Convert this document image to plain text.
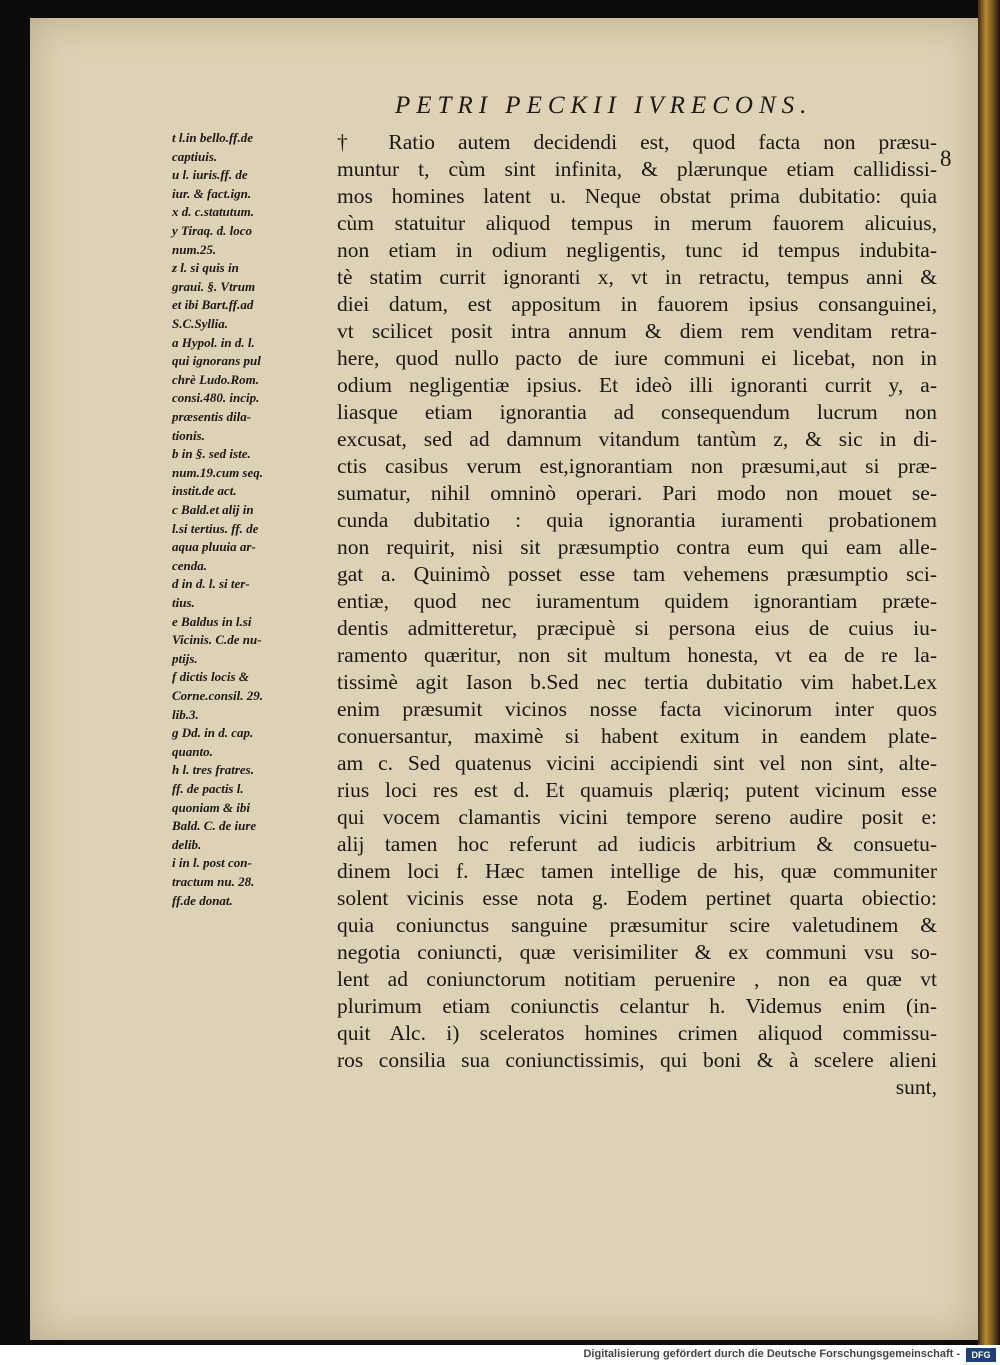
PETRI PECKII IVRECONS.
8
t l.in bello.ff.de
captiuis.
u l. iuris.ff. de
iur. & fact.ign.
x d. c.statutum.
y Tiraq. d. loco
num.25.
z l. si quis in
graui. §. Vtrum
et ibi Bart.ff.ad
S.C.Syllia.
a Hypol. in d. l.
qui ignorans pul
chrè Ludo.Rom.
consi.480. incip.
præsentis dila-
tionis.
b in §. sed iste.
num.19.cum seq.
instit.de act.
c Bald.et alij in
l.si tertius. ff. de
aqua pluuia ar-
cenda.
d in d. l. si ter-
tius.
e Baldus in l.si
Vicinis. C.de nu-
ptijs.
f dictis locis &
Corne.consil. 29.
lib.3.
g Dd. in d. cap.
quanto.
h l. tres fratres.
ff. de pactis l.
quoniam & ibi
Bald. C. de iure
delib.
i in l. post con-
tractum nu. 28.
ff.de donat.
† Ratio autem decidendi est, quod facta non præsu-
muntur t, cùm sint infinita, & plærunque etiam callidissi-
mos homines latent u. Neque obstat prima dubitatio: quia
cùm statuitur aliquod tempus in merum fauorem alicuius,
non etiam in odium negligentis, tunc id tempus indubita-
tè statim currit ignoranti x, vt in retractu, tempus anni &
diei datum, est appositum in fauorem ipsius consanguinei,
vt scilicet posit intra annum & diem rem venditam retra-
here, quod nullo pacto de iure communi ei licebat, non in
odium negligentiæ ipsius. Et ideò illi ignoranti currit y, a-
liasque etiam ignorantia ad consequendum lucrum non
excusat, sed ad damnum vitandum tantùm z, & sic in di-
ctis casibus verum est,ignorantiam non præsumi,aut si præ-
sumatur, nihil omninò operari. Pari modo non mouet se-
cunda dubitatio : quia ignorantia iuramenti probationem
non requirit, nisi sit præsumptio contra eum qui eam alle-
gat a. Quinimò posset esse tam vehemens præsumptio sci-
entiæ, quod nec iuramentum quidem ignorantiam præte-
dentis admitteretur, præcipuè si persona eius de cuius iu-
ramento quæritur, non sit multum honesta, vt ea de re la-
tissimè agit Iason b.Sed nec tertia dubitatio vim habet.Lex
enim præsumit vicinos nosse facta vicinorum inter quos
conuersantur, maximè si habent exitum in eandem plate-
am c. Sed quatenus vicini accipiendi sint vel non sint, alte-
rius loci res est d. Et quamuis plæriq; putent vicinum esse
qui vocem clamantis vicini tempore sereno audire posit e:
alij tamen hoc referunt ad iudicis arbitrium & consuetu-
dinem loci f. Hæc tamen intellige de his, quæ communiter
solent vicinis esse nota g. Eodem pertinet quarta obiectio:
quia coniunctus sanguine præsumitur scire valetudinem &
negotia coniuncti, quæ verisimiliter & ex communi vsu so-
lent ad coniunctorum notitiam peruenire , non ea quæ vt
plurimum etiam coniunctis celantur h. Videmus enim (in-
quit Alc. i) sceleratos homines crimen aliquod commissu-
ros consilia sua coniunctissimis, qui boni & à scelere alieni
sunt,
Digitalisierung gefördert durch die Deutsche Forschungsgemeinschaft -	DFG
